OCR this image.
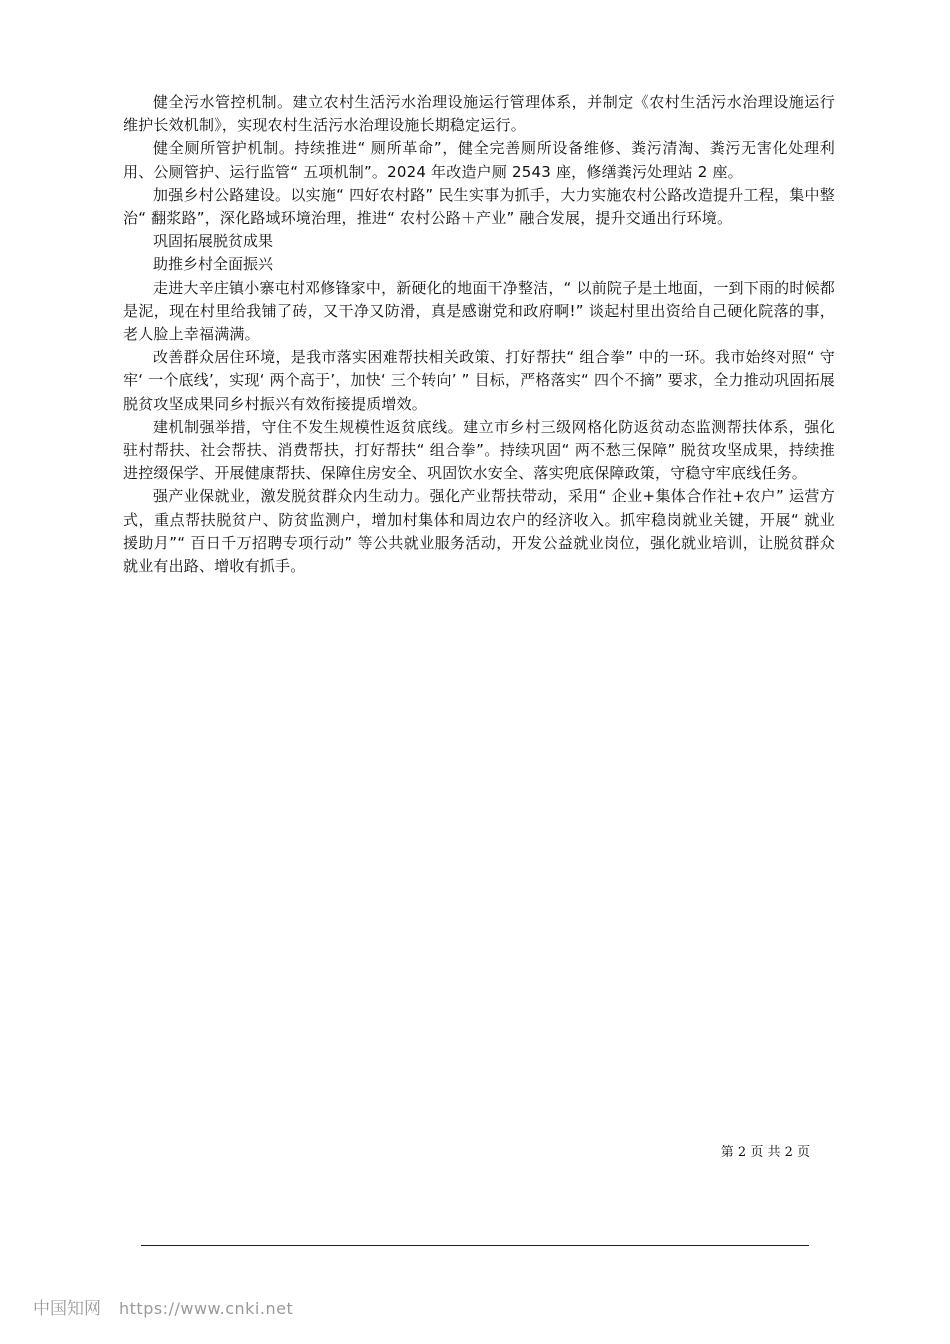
健全污水管控机制。建立农村生活污水治理设施运行管理体系，并制定《农村生活污水治理设施运行维护长效机制》，实现农村生活污水治理设施长期稳定运行。

健全厕所管护机制。持续推进“ 厕所革命”，健全完善厕所设备维修、粪污清淘、粪污无害化处理利用、公厕管护、运行监管“ 五项机制”。2024 年改造户厕 2543 座，修缮粪污处理站 2 座。

加强乡村公路建设。以实施“ 四好农村路” 民生实事为抓手，大力实施农村公路改造提升工程，集中整治“ 翻浆路”，深化路域环境治理，推进“ 农村公路＋产业” 融合发展，提升交通出行环境。

巩固拓展脱贫成果

助推乡村全面振兴

走进大辛庄镇小寨屯村邓修锋家中，新硬化的地面干净整洁，“ 以前院子是土地面，一到下雨的时候都是泥，现在村里给我铺了砖，又干净又防滑，真是感谢党和政府啊!” 谈起村里出资给自己硬化院落的事，老人脸上幸福满满。

改善群众居住环境，是我市落实困难帮扶相关政策、打好帮扶“ 组合拳” 中的一环。我市始终对照“ 守牢‘ 一个底线’，实现‘ 两个高于’，加快‘ 三个转向’ ” 目标，严格落实“ 四个不摘” 要求，全力推动巩固拓展脱贫攻坚成果同乡村振兴有效衔接提质增效。

建机制强举措，守住不发生规模性返贫底线。建立市乡村三级网格化防返贫动态监测帮扶体系，强化驻村帮扶、社会帮扶、消费帮扶，打好帮扶“ 组合拳”。持续巩固“ 两不愁三保障” 脱贫攻坚成果，持续推进控缀保学、开展健康帮扶、保障住房安全、巩固饮水安全、落实兜底保障政策，守稳守牢底线任务。

强产业保就业，激发脱贫群众内生动力。强化产业帮扶带动，采用“ 企业+集体合作社+农户” 运营方式，重点帮扶脱贫户、防贫监测户，增加村集体和周边农户的经济收入。抓牢稳岗就业关键，开展“ 就业援助月”“ 百日千万招聘专项行动” 等公共就业服务活动，开发公益就业岗位，强化就业培训，让脱贫群众就业有出路、增收有抓手。

第 2 页 共 2 页
中国知网 https://www.cnki.net
